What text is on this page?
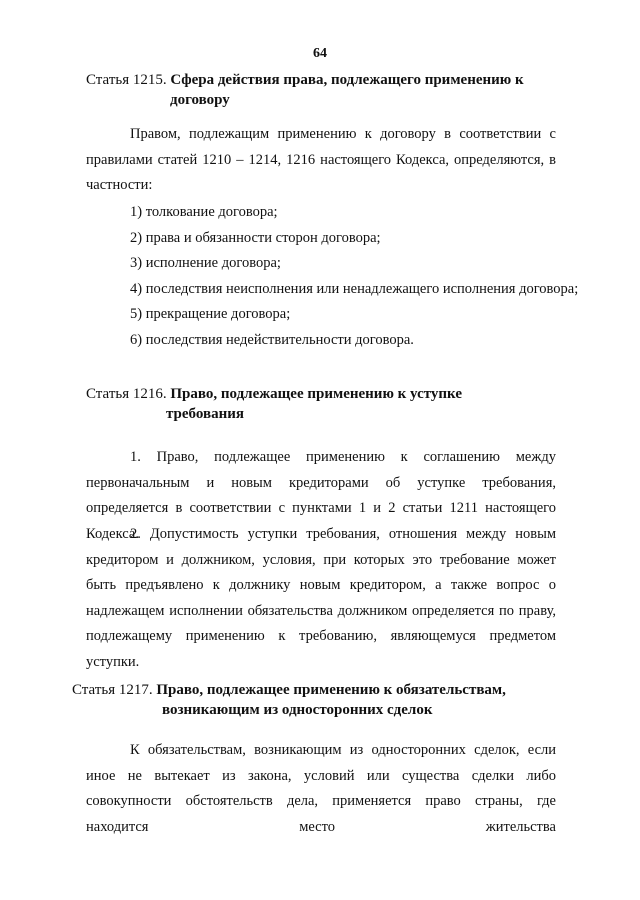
64
Статья 1215. Сфера действия права, подлежащего применению к
договору

Правом, подлежащим применению к договору в соответствии с правилами статей 1210 – 1214, 1216 настоящего Кодекса, определяются, в частности:

1) толкование договора;
2) права и обязанности сторон договора;
3) исполнение договора;
4) последствия неисполнения или ненадлежащего исполнения договора;
5) прекращение договора;
6) последствия недействительности договора.
Статья 1216. Право, подлежащее применению к уступке
требования

1. Право, подлежащее применению к соглашению между первоначальным и новым кредиторами об уступке требования, определяется в соответствии с пунктами 1 и 2 статьи 1211 настоящего Кодекса.

2. Допустимость уступки требования, отношения между новым кредитором и должником, условия, при которых это требование может быть предъявлено к должнику новым кредитором, а также вопрос о надлежащем исполнении обязательства должником определяется по праву, подлежащему применению к требованию, являющемуся предметом уступки.

Статья 1217. Право, подлежащее применению к обязательствам,
возникающим из односторонних сделок

К обязательствам, возникающим из односторонних сделок, если иное не вытекает из закона, условий или существа сделки либо совокупности обстоятельств дела, применяется право страны, где находится место жительства
